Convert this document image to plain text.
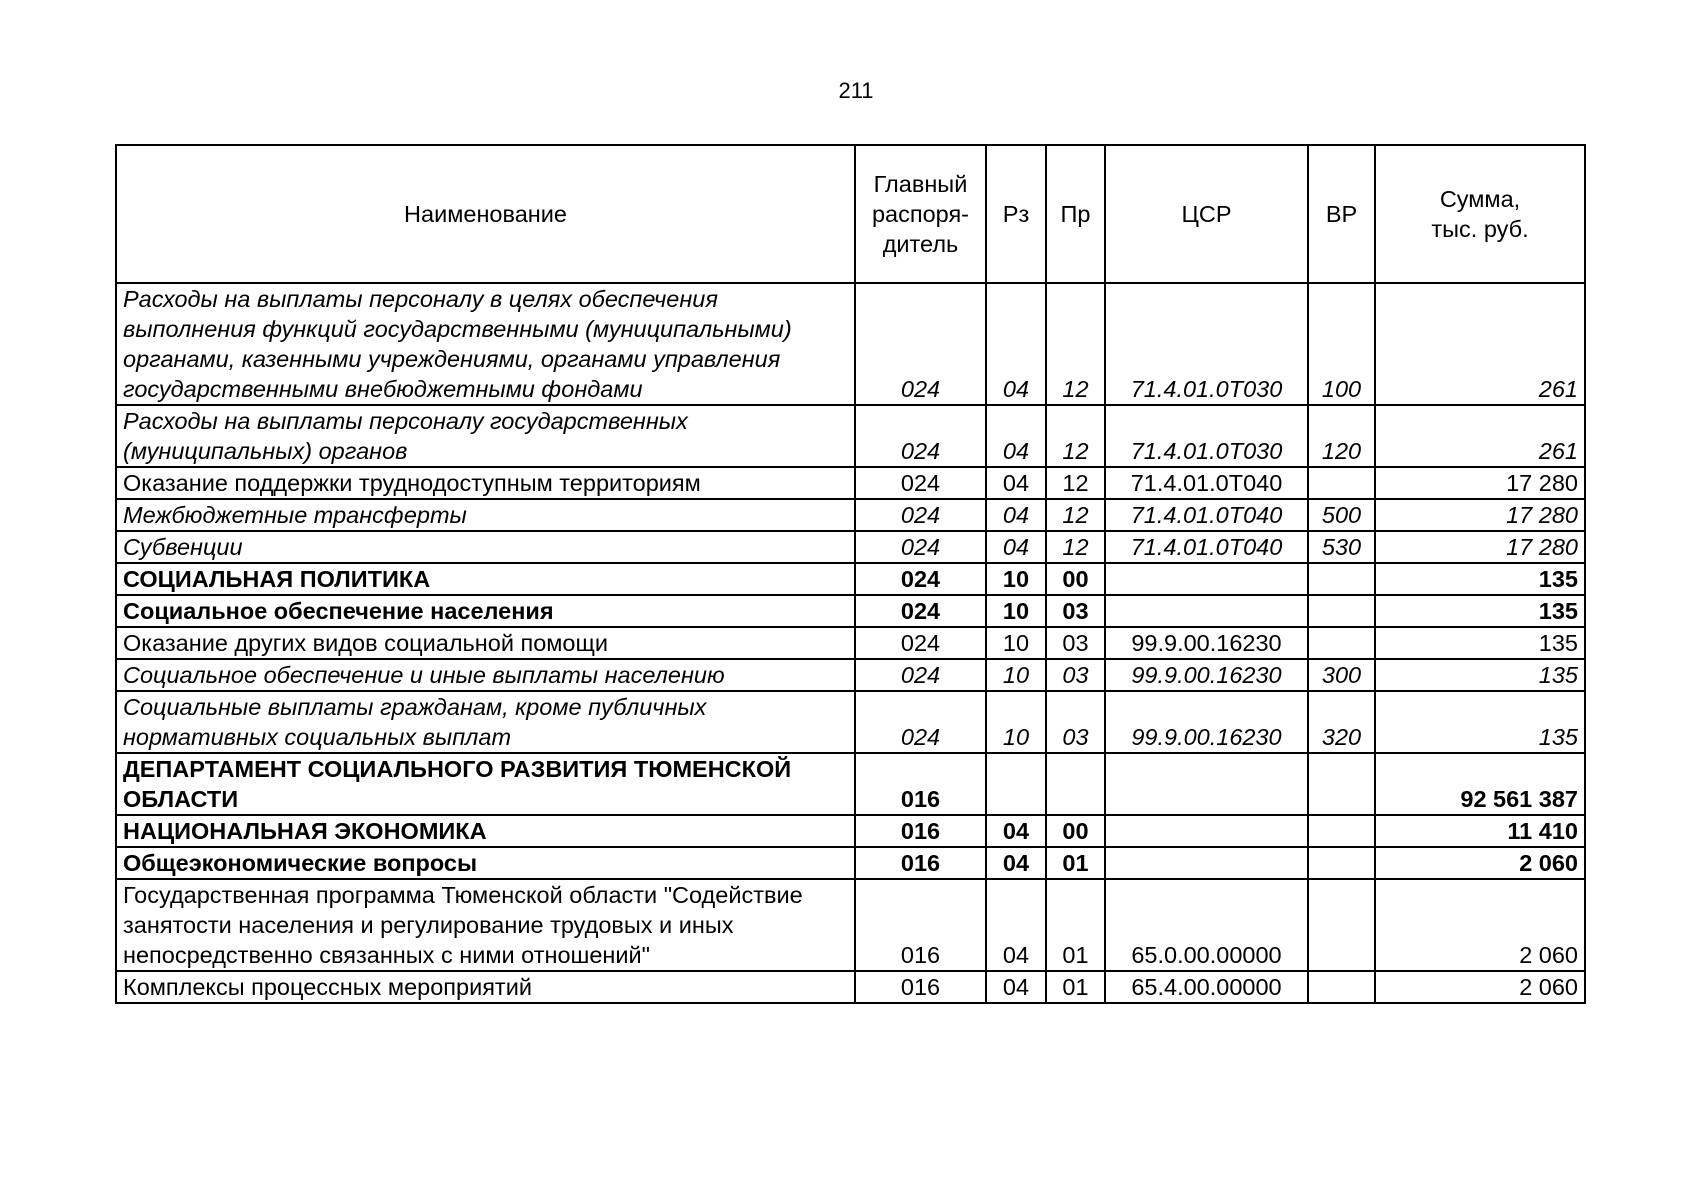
211
Наименование	Главный
распоря-
дитель	Рз	Пр	ЦСР	ВР	Сумма,
тыс. руб.

Расходы на выплаты персоналу в целях обеспечения выполнения функций государственными (муниципальными) органами, казенными учреждениями, органами управления государственными внебюджетными фондами	024	04	12	71.4.01.0Т030	100	261
Расходы на выплаты персоналу государственных (муниципальных) органов	024	04	12	71.4.01.0Т030	120	261
Оказание поддержки труднодоступным территориям	024	04	12	71.4.01.0Т040		17 280
Межбюджетные трансферты	024	04	12	71.4.01.0Т040	500	17 280
Субвенции	024	04	12	71.4.01.0Т040	530	17 280
СОЦИАЛЬНАЯ ПОЛИТИКА	024	10	00			135
Социальное обеспечение населения	024	10	03			135
Оказание других видов социальной помощи	024	10	03	99.9.00.16230		135
Социальное обеспечение и иные выплаты населению	024	10	03	99.9.00.16230	300	135
Социальные выплаты гражданам, кроме публичных нормативных социальных выплат	024	10	03	99.9.00.16230	320	135
ДЕПАРТАМЕНТ СОЦИАЛЬНОГО РАЗВИТИЯ ТЮМЕНСКОЙ ОБЛАСТИ	016					92 561 387
НАЦИОНАЛЬНАЯ ЭКОНОМИКА	016	04	00			11 410
Общеэкономические вопросы	016	04	01			2 060
Государственная программа Тюменской области "Содействие занятости населения и регулирование трудовых и иных непосредственно связанных с ними отношений"	016	04	01	65.0.00.00000		2 060
Комплексы процессных мероприятий	016	04	01	65.4.00.00000		2 060
